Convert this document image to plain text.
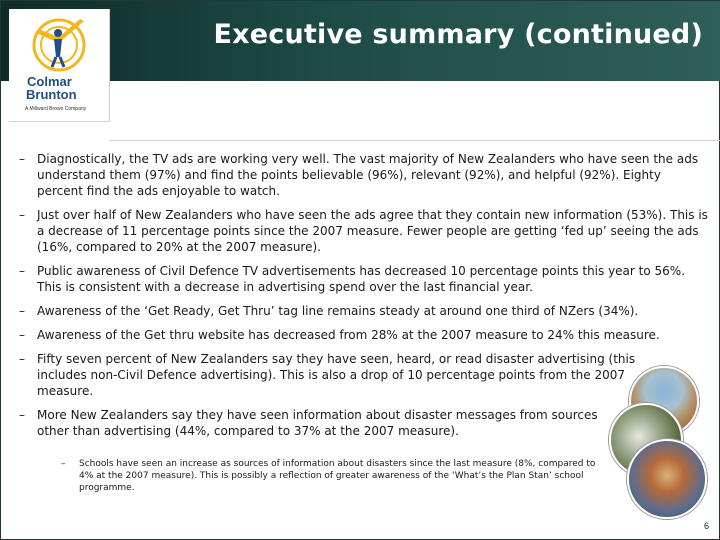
Executive summary (continued)
Colmar
Brunton
A Millward Brown Company
– Diagnostically, the TV ads are working very well. The vast majority of New Zealanders who have seen the ads understand them (97%) and find the points believable (96%), relevant (92%), and helpful (92%). Eighty percent find the ads enjoyable to watch.
– Just over half of New Zealanders who have seen the ads agree that they contain new information (53%). This is a decrease of 11 percentage points since the 2007 measure. Fewer people are getting ‘fed up’ seeing the ads (16%, compared to 20% at the 2007 measure).
– Public awareness of Civil Defence TV advertisements has decreased 10 percentage points this year to 56%. This is consistent with a decrease in advertising spend over the last financial year.
– Awareness of the ‘Get Ready, Get Thru’ tag line remains steady at around one third of NZers (34%).
– Awareness of the Get thru website has decreased from 28% at the 2007 measure to 24% this measure.
– Fifty seven percent of New Zealanders say they have seen, heard, or read disaster advertising (this includes non-Civil Defence advertising). This is also a drop of 10 percentage points from the 2007 measure.
– More New Zealanders say they have seen information about disaster messages from sources other than advertising (44%, compared to 37% at the 2007 measure).
– Schools have seen an increase as sources of information about disasters since the last measure (8%, compared to 4% at the 2007 measure). This is possibly a reflection of greater awareness of the ‘What’s the Plan Stan’ school programme.
6
